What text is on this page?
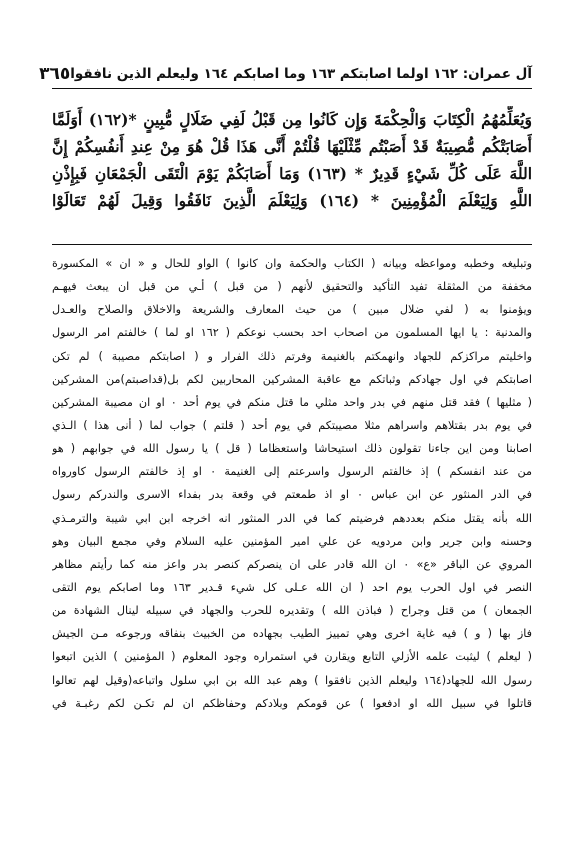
آل عمران: ١٦٢ اولما اصابتكم ١٦٣ وما اصابكم ١٦٤ وليعلم الذين نافقوا
٣٦٥
وَيُعَلِّمُهُمُ الْكِتَابَ وَالْحِكْمَةَ وَإِن كَانُوا مِن قَبْلُ لَفِي ضَلَالٍ مُّبِينٍ *(١٦٢) أَوَلَمَّا
أَصَابَتْكُم مُّصِيبَةٌ قَدْ أَصَبْتُم مِّثْلَيْهَا قُلْتُمْ أَنَّى هَذَا قُلْ هُوَ مِنْ عِندِ أَنفُسِكُمْ إِنَّ
اللَّهَ عَلَى كُلِّ شَيْءٍ قَدِيرٌ * (١٦٣) وَمَا أَصَابَكُمْ يَوْمَ الْتَقَى الْجَمْعَانِ فَبِإِذْنِ
اللَّهِ وَلِيَعْلَمَ الْمُؤْمِنِينَ * (١٦٤) وَلِيَعْلَمَ الَّذِينَ نَافَقُوا وَقِيلَ لَهُمْ تَعَالَوْا
وتبليغه وخطبه ومواعظه وبيانه ( الكتاب والحكمة وان كانوا ) الواو للحال و « ان » المكسورة
مخففة من المثقلة تفيد التأكيد والتحقيق لأنهم ( من قبل ) أـي من قبل ان يبعث فيهـم
ويؤمنوا به ( لفي ضلال مبين ) من حيث المعارف والشريعة والاخلاق والصلاح والعـدل
والمدنية : يا ايها المسلمون من اصحاب احد بحسب نوعكم ( ١٦٢ او لما ) خالفتم امر الرسول
واخليتم مراكزكم للجهاد وانهمكتم بالغنيمة وفرتم ذلك الفرار و ( اصابتكم مصيبة ) لم تكن
اصابتكم في اول جهادكم وثباتكم مع عاقبة المشركين المحاربين لكم بل(قداصبتم)من المشركين
( مثليها ) فقد قتل منهم في بدر واحد مثلي ما قتل منكم في يوم أحد ٠ او ان مصيبة المشركين
في يوم بدر بقتلاهم واسراهم مثلا مصيبتكم في يوم أحد ( قلتم ) جواب لما ( أنى هذا ) الـذي
اصابنا ومن اين جاءنا تقولون ذلك استيحاشا واستعظاما ( قل ) يا رسول الله في جوابهم ( هو
من عند انفسكم ) إذ خالفتم الرسول واسرعتم إلى الغنيمة ٠ او إذ خالفتم الرسول كاورواه
في الدر المنثور عن ابن عباس ٠ او اذ طمعتم في وقعة بدر بفداء الاسرى والندركم رسول
الله بأنه يقتل منكم بعددهم فرضيتم كما في الدر المنثور انه اخرجه ابن ابي شيبة والترمـذي
وحسنه وابن جرير وابن مردويه عن علي امير المؤمنين عليه السلام وفي مجمع البيان وهو
المروي عن الباقر «ع» ٠ ان الله قادر على ان ينصركم كنصر بدر واعز منه كما رأيتم مظاهر
النصر في اول الحرب يوم احد ( ان الله عـلى كل شيء قـدير ١٦٣ وما اصابكم يوم التقى
الجمعان ) من قتل وجراح ( فباذن الله ) وتقديره للحرب والجهاد في سبيله لينال الشهادة من
فاز بها ( و ) فيه غاية اخرى وهي تمييز الطيب بجهاده من الخبيث بنفاقه ورجوعه مـن الجيش
( ليعلم ) ليثبت علمه الأزلي التابع ويقارن في استمراره وجود المعلوم ( المؤمنين ) الذين اتبعوا
رسول الله للجهاد(١٦٤ وليعلم الذين نافقوا ) وهم عبد الله بن ابي سلول واتباعه(وقيل لهم تعالوا
قاتلوا في سبيل الله او ادفعوا ) عن قومكم وبلادكم وحفاظكم ان لم تكـن لكم رغبـة في
